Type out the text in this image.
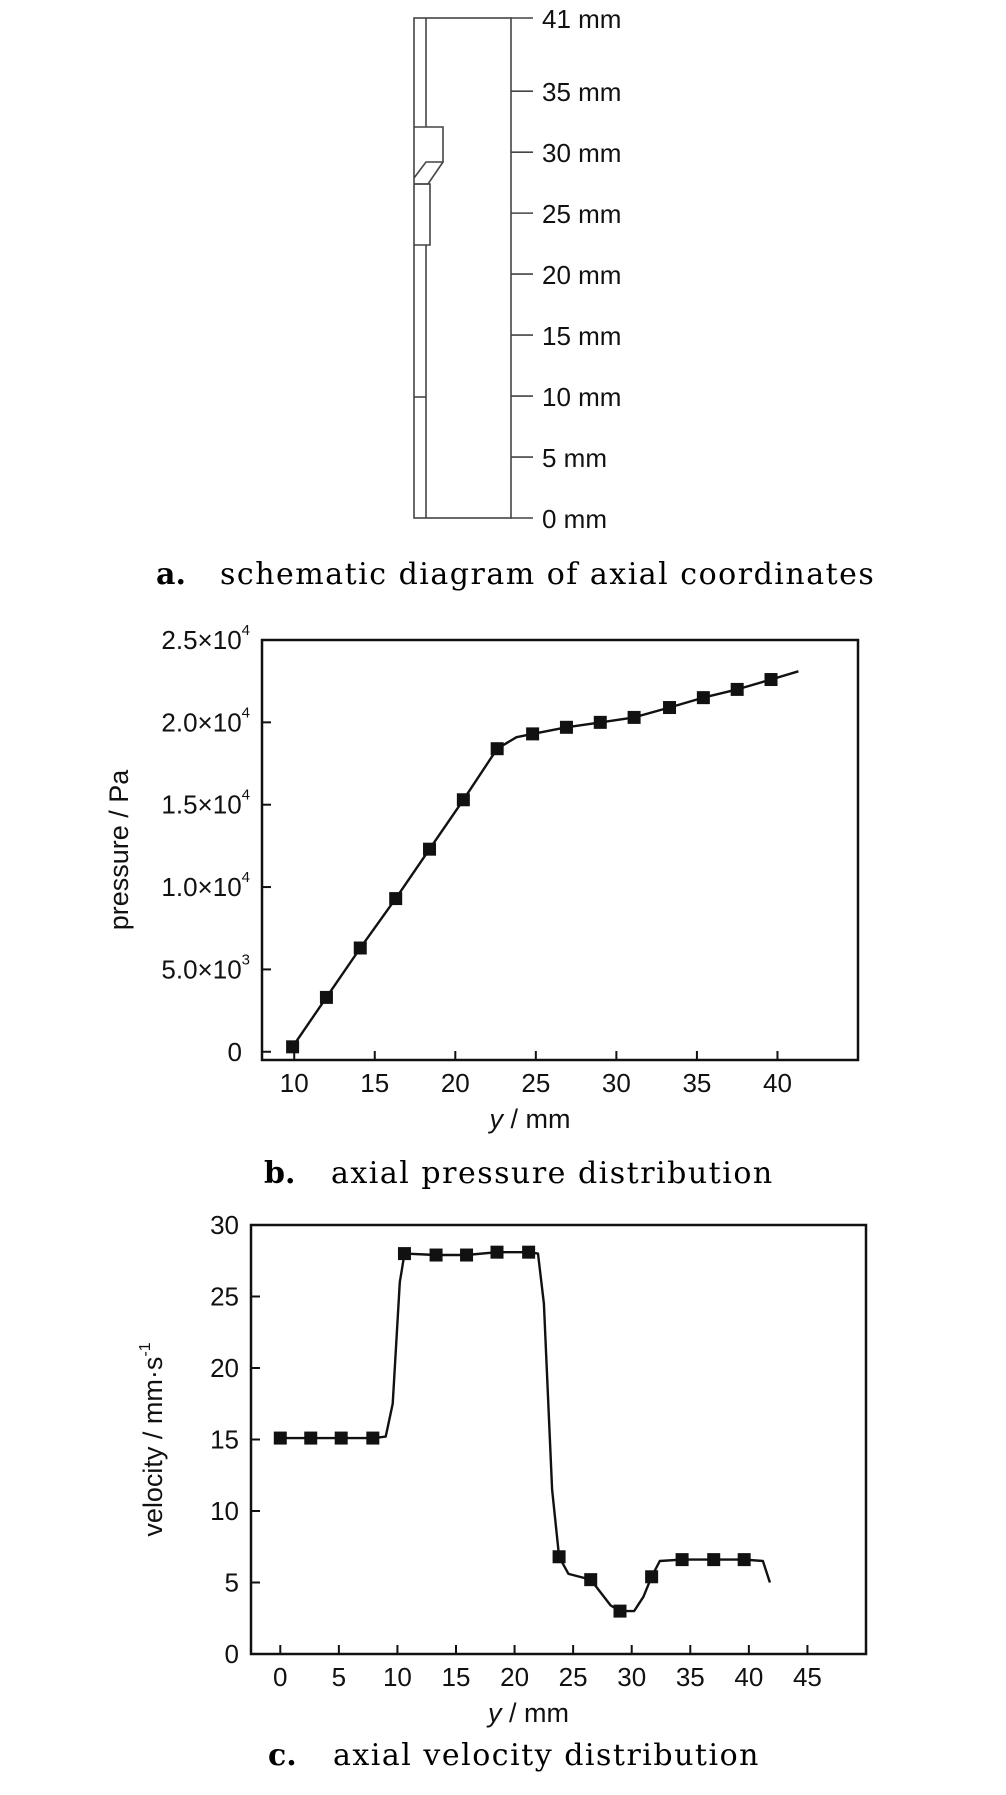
41 mm
35 mm
30 mm
25 mm
20 mm
15 mm
10 mm
5 mm
0 mm
a. schematic diagram of axial coordinates
10 15 20 25 30 35 40
0
$5.0\times 10^3$
$1.0\times 10^4$
$1.5\times 10^4$
$2.0\times 10^4$
$2.5\times 10^4$
y / mm
pressure / Pa
b. axial pressure distribution
0 5 10 15 20 25 30 35 40 45
0
5
10
15
20
25
30
y / mm
velocity / $mm\cdot s^{-1}$
c. axial velocity distribution
